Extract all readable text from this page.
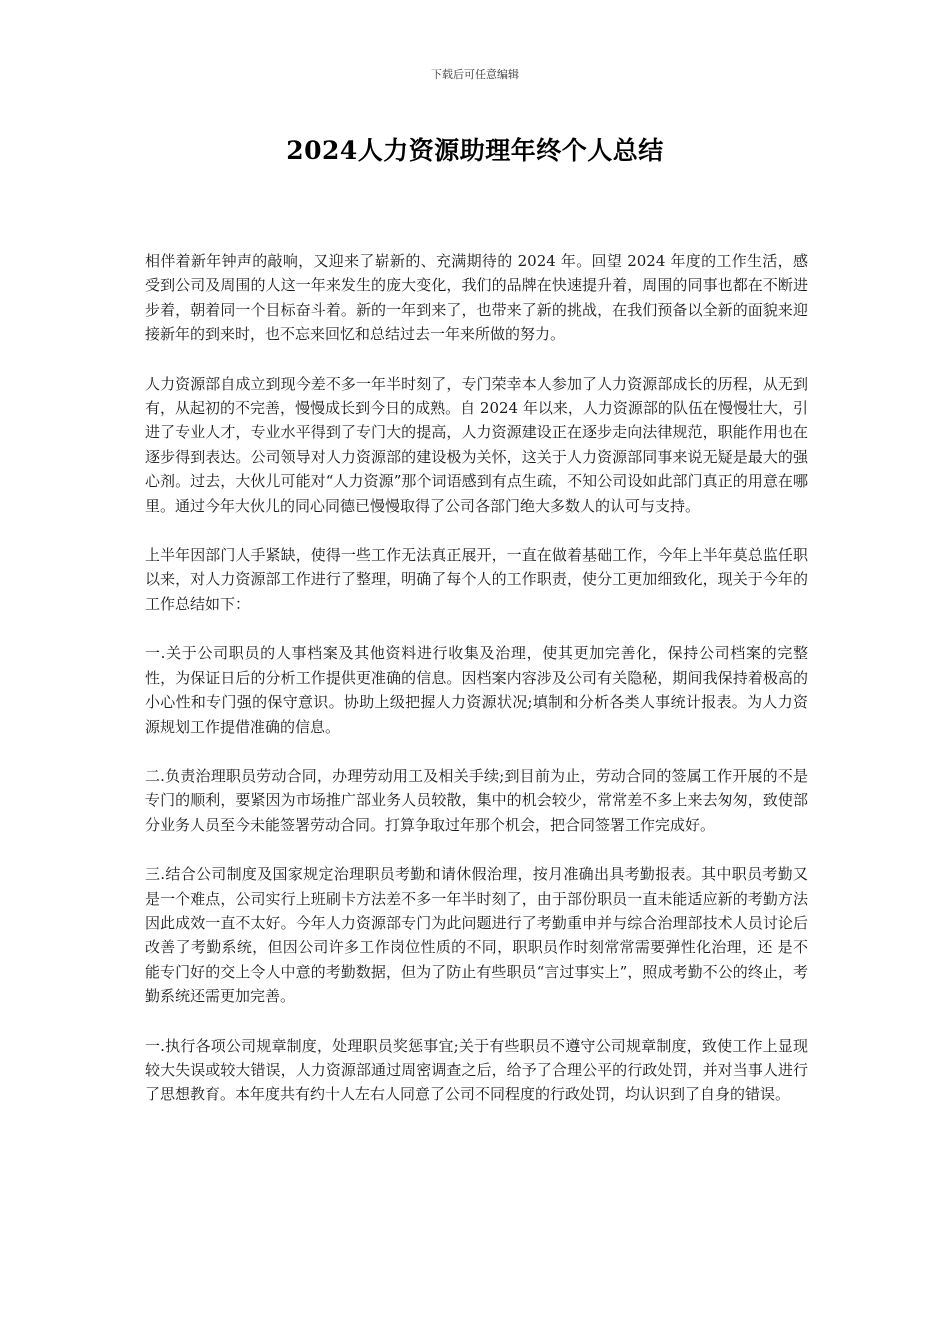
下载后可任意编辑
2024人力资源助理年终个人总结

相伴着新年钟声的敲响，又迎来了崭新的、充满期待的 2024 年。回望 2024 年度的工作生活，感受到公司及周围的人这一年来发生的庞大变化，我们的品牌在快速提升着，周围的同事也都在不断进步着，朝着同一个目标奋斗着。新的一年到来了，也带来了新的挑战，在我们预备以全新的面貌来迎接新年的到来时，也不忘来回忆和总结过去一年来所做的努力。

人力资源部自成立到现今差不多一年半时刻了，专门荣幸本人参加了人力资源部成长的历程，从无到有，从起初的不完善，慢慢成长到今日的成熟。自 2024 年以来，人力资源部的队伍在慢慢壮大，引进了专业人才，专业水平得到了专门大的提高，人力资源建设正在逐步走向法律规范，职能作用也在逐步得到表达。公司领导对人力资源部的建设极为关怀，这关于人力资源部同事来说无疑是最大的强心剂。过去，大伙儿可能对“人力资源”那个词语感到有点生疏，不知公司设如此部门真正的用意在哪里。通过今年大伙儿的同心同德已慢慢取得了公司各部门绝大多数人的认可与支持。

上半年因部门人手紧缺，使得一些工作无法真正展开，一直在做着基础工作，今年上半年莫总监任职以来，对人力资源部工作进行了整理，明确了每个人的工作职责，使分工更加细致化，现关于今年的工作总结如下：

一.关于公司职员的人事档案及其他资料进行收集及治理，使其更加完善化，保持公司档案的完整性，为保证日后的分析工作提供更准确的信息。因档案内容涉及公司有关隐秘，期间我保持着极高的小心性和专门强的保守意识。协助上级把握人力资源状况;填制和分析各类人事统计报表。为人力资源规划工作提借准确的信息。

二.负责治理职员劳动合同，办理劳动用工及相关手续;到目前为止，劳动合同的签属工作开展的不是专门的顺利，要紧因为市场推广部业务人员较散，集中的机会较少，常常差不多上来去匆匆，致使部分业务人员至今未能签署劳动合同。打算争取过年那个机会，把合同签署工作完成好。

三.结合公司制度及国家规定治理职员考勤和请休假治理，按月准确出具考勤报表。其中职员考勤又是一个难点，公司实行上班刷卡方法差不多一年半时刻了，由于部份职员一直未能适应新的考勤方法因此成效一直不太好。今年人力资源部专门为此问题进行了考勤重申并与综合治理部技术人员讨论后改善了考勤系统，但因公司许多工作岗位性质的不同，职职员作时刻常常需要弹性化治理，还 是不能专门好的交上令人中意的考勤数据，但为了防止有些职员“言过事实上”，照成考勤不公的终止，考勤系统还需更加完善。

一.执行各项公司规章制度，处理职员奖惩事宜;关于有些职员不遵守公司规章制度，致使工作上显现较大失误或较大错误，人力资源部通过周密调查之后，给予了合理公平的行政处罚，并对当事人进行了思想教育。本年度共有约十人左右人同意了公司不同程度的行政处罚，均认识到了自身的错误。
